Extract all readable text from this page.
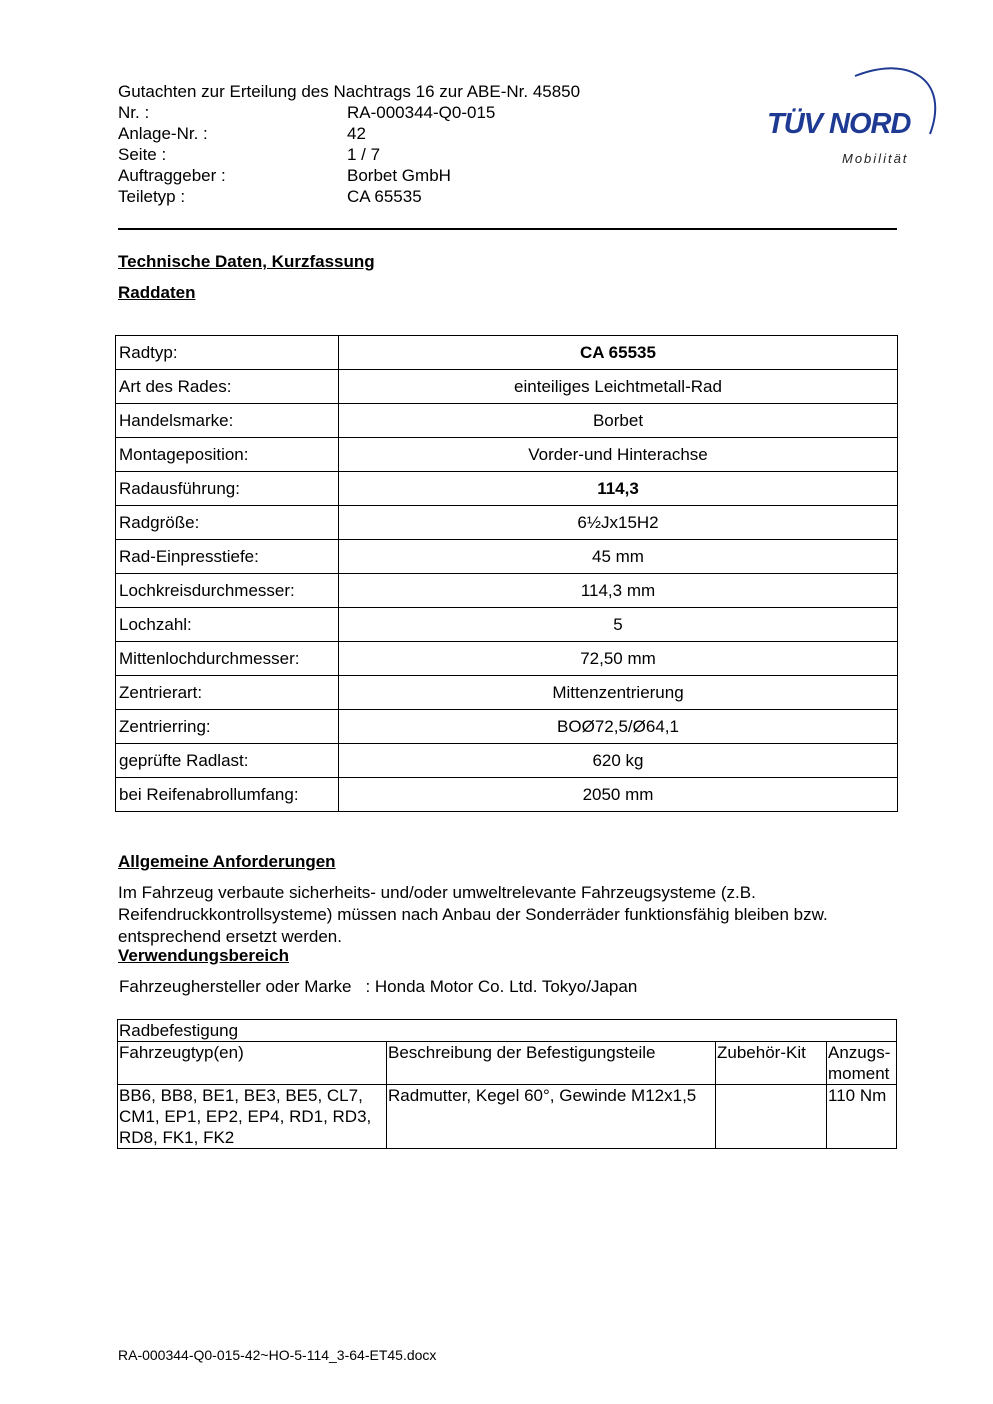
Gutachten zur Erteilung des Nachtrags 16 zur ABE-Nr. 45850
Nr. :	RA-000344-Q0-015
Anlage-Nr. :	42
Seite :	1 / 7
Auftraggeber :	Borbet GmbH
Teiletyp :	CA 65535
TÜV NORD
Mobilität
Technische Daten, Kurzfassung
Raddaten
Radtyp:	CA 65535
Art des Rades:	einteiliges Leichtmetall-Rad
Handelsmarke:	Borbet
Montageposition:	Vorder-und Hinterachse
Radausführung:	114,3
Radgröße:	6½Jx15H2
Rad-Einpresstiefe:	45 mm
Lochkreisdurchmesser:	114,3 mm
Lochzahl:	5
Mittenlochdurchmesser:	72,50 mm
Zentrierart:	Mittenzentrierung
Zentrierring:	BOØ72,5/Ø64,1
geprüfte Radlast:	620 kg
bei Reifenabrollumfang:	2050 mm
Allgemeine Anforderungen
Im Fahrzeug verbaute sicherheits- und/oder umweltrelevante Fahrzeugsysteme (z.B. Reifendruckkontrollsysteme) müssen nach Anbau der Sonderräder funktionsfähig bleiben bzw. entsprechend ersetzt werden.
Verwendungsbereich
Fahrzeughersteller oder Marke : Honda Motor Co. Ltd. Tokyo/Japan
Radbefestigung			
Fahrzeugtyp(en)	Beschreibung der Befestigungsteile	Zubehör-Kit	Anzugs-moment
BB6, BB8, BE1, BE3, BE5, CL7, CM1, EP1, EP2, EP4, RD1, RD3, RD8, FK1, FK2	Radmutter, Kegel 60°, Gewinde M12x1,5		110 Nm
RA-000344-Q0-015-42~HO-5-114_3-64-ET45.docx
